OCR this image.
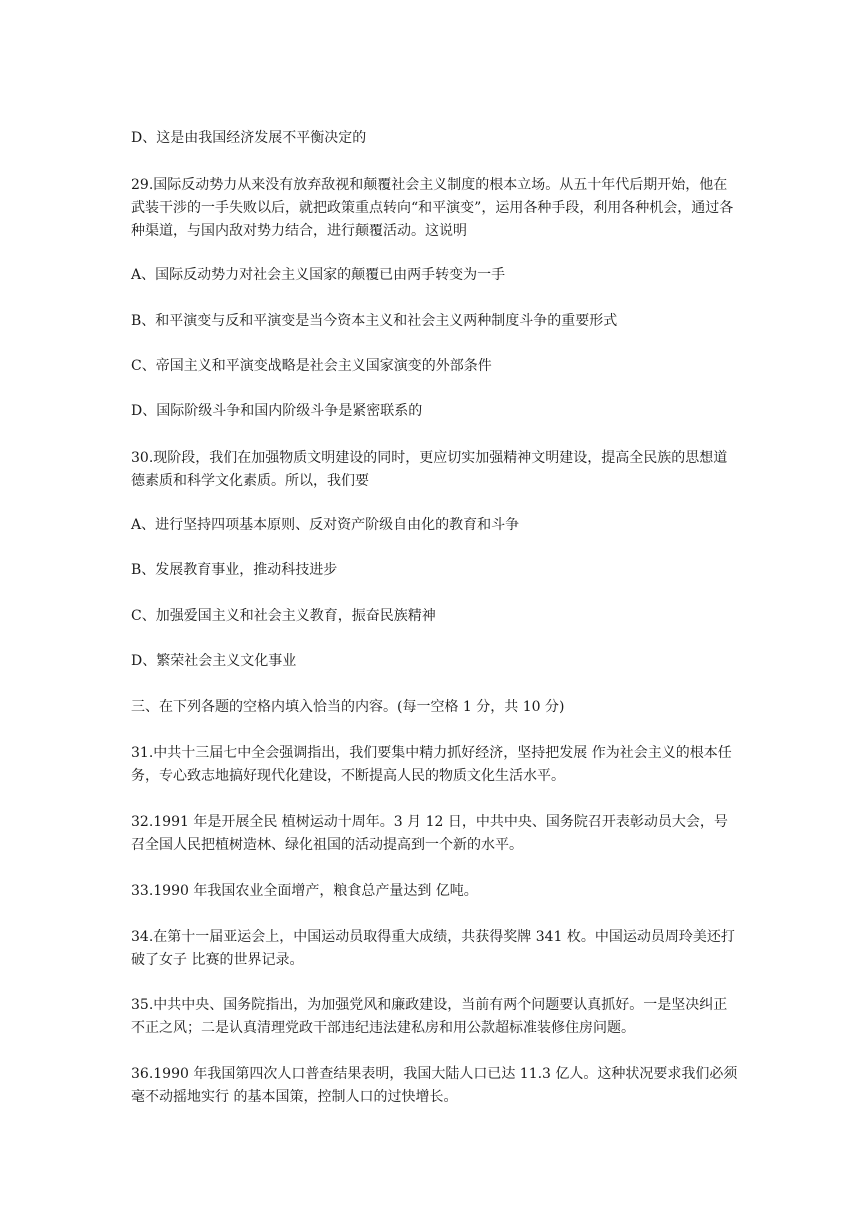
D、这是由我国经济发展不平衡决定的

29.国际反动势力从来没有放弃敌视和颠覆社会主义制度的根本立场。从五十年代后期开始，他在武装干涉的一手失败以后，就把政策重点转向“和平演变”，运用各种手段，利用各种机会，通过各种渠道，与国内敌对势力结合，进行颠覆活动。这说明

A、国际反动势力对社会主义国家的颠覆已由两手转变为一手

B、和平演变与反和平演变是当今资本主义和社会主义两种制度斗争的重要形式

C、帝国主义和平演变战略是社会主义国家演变的外部条件

D、国际阶级斗争和国内阶级斗争是紧密联系的

30.现阶段，我们在加强物质文明建设的同时，更应切实加强精神文明建设，提高全民族的思想道德素质和科学文化素质。所以，我们要

A、进行坚持四项基本原则、反对资产阶级自由化的教育和斗争

B、发展教育事业，推动科技进步

C、加强爱国主义和社会主义教育，振奋民族精神

D、繁荣社会主义文化事业

三、在下列各题的空格内填入恰当的内容。(每一空格 1 分，共 10 分)

31.中共十三届七中全会强调指出，我们要集中精力抓好经济，坚持把发展 作为社会主义的根本任务，专心致志地搞好现代化建设，不断提高人民的物质文化生活水平。

32.1991 年是开展全民 植树运动十周年。3 月 12 日，中共中央、国务院召开表彰动员大会，号召全国人民把植树造林、绿化祖国的活动提高到一个新的水平。

33.1990 年我国农业全面增产，粮食总产量达到 亿吨。

34.在第十一届亚运会上，中国运动员取得重大成绩，共获得奖牌 341 枚。中国运动员周玲美还打破了女子 比赛的世界记录。

35.中共中央、国务院指出，为加强党风和廉政建设，当前有两个问题要认真抓好。一是坚决纠正 不正之风；二是认真清理党政干部违纪违法建私房和用公款超标准装修住房问题。

36.1990 年我国第四次人口普查结果表明，我国大陆人口已达 11.3 亿人。这种状况要求我们必须毫不动摇地实行 的基本国策，控制人口的过快增长。
